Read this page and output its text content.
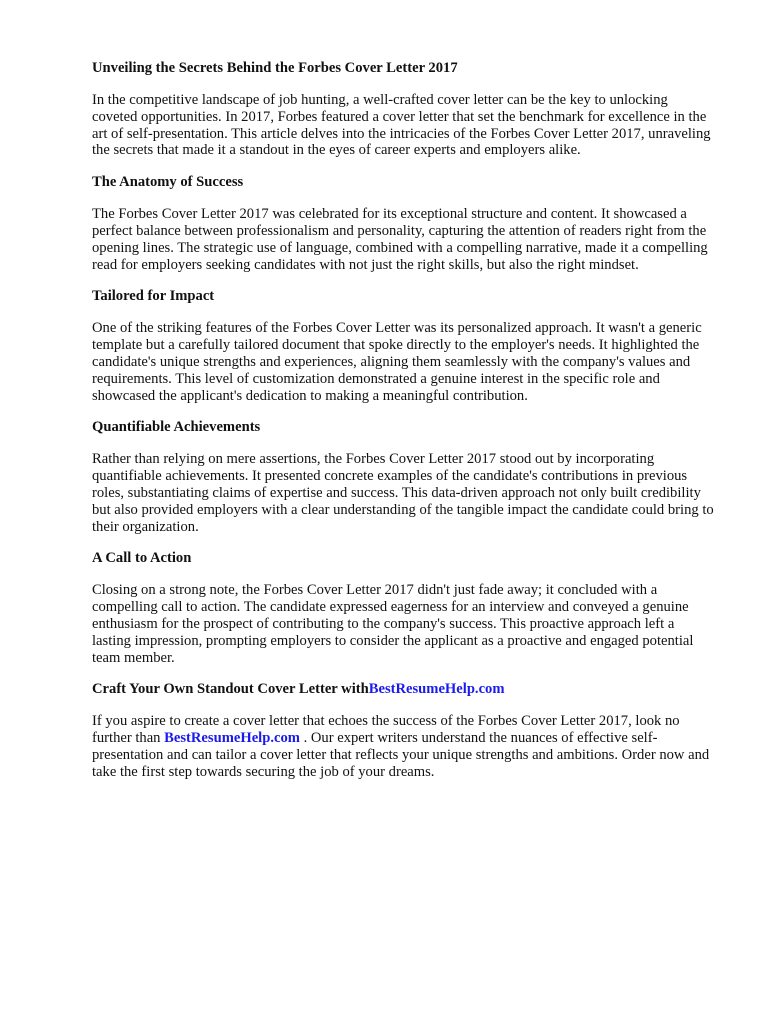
Unveiling the Secrets Behind the Forbes Cover Letter 2017

In the competitive landscape of job hunting, a well-crafted cover letter can be the key to unlocking coveted opportunities. In 2017, Forbes featured a cover letter that set the benchmark for excellence in the art of self-presentation. This article delves into the intricacies of the Forbes Cover Letter 2017, unraveling the secrets that made it a standout in the eyes of career experts and employers alike.

The Anatomy of Success

The Forbes Cover Letter 2017 was celebrated for its exceptional structure and content. It showcased a perfect balance between professionalism and personality, capturing the attention of readers right from the opening lines. The strategic use of language, combined with a compelling narrative, made it a compelling read for employers seeking candidates with not just the right skills, but also the right mindset.

Tailored for Impact

One of the striking features of the Forbes Cover Letter was its personalized approach. It wasn't a generic template but a carefully tailored document that spoke directly to the employer's needs. It highlighted the candidate's unique strengths and experiences, aligning them seamlessly with the company's values and requirements. This level of customization demonstrated a genuine interest in the specific role and showcased the applicant's dedication to making a meaningful contribution.

Quantifiable Achievements

Rather than relying on mere assertions, the Forbes Cover Letter 2017 stood out by incorporating quantifiable achievements. It presented concrete examples of the candidate's contributions in previous roles, substantiating claims of expertise and success. This data-driven approach not only built credibility but also provided employers with a clear understanding of the tangible impact the candidate could bring to their organization.

A Call to Action

Closing on a strong note, the Forbes Cover Letter 2017 didn't just fade away; it concluded with a compelling call to action. The candidate expressed eagerness for an interview and conveyed a genuine enthusiasm for the prospect of contributing to the company's success. This proactive approach left a lasting impression, prompting employers to consider the applicant as a proactive and engaged potential team member.

Craft Your Own Standout Cover Letter withBestResumeHelp.com

If you aspire to create a cover letter that echoes the success of the Forbes Cover Letter 2017, look no further than BestResumeHelp.com . Our expert writers understand the nuances of effective self-presentation and can tailor a cover letter that reflects your unique strengths and ambitions. Order now and take the first step towards securing the job of your dreams.
